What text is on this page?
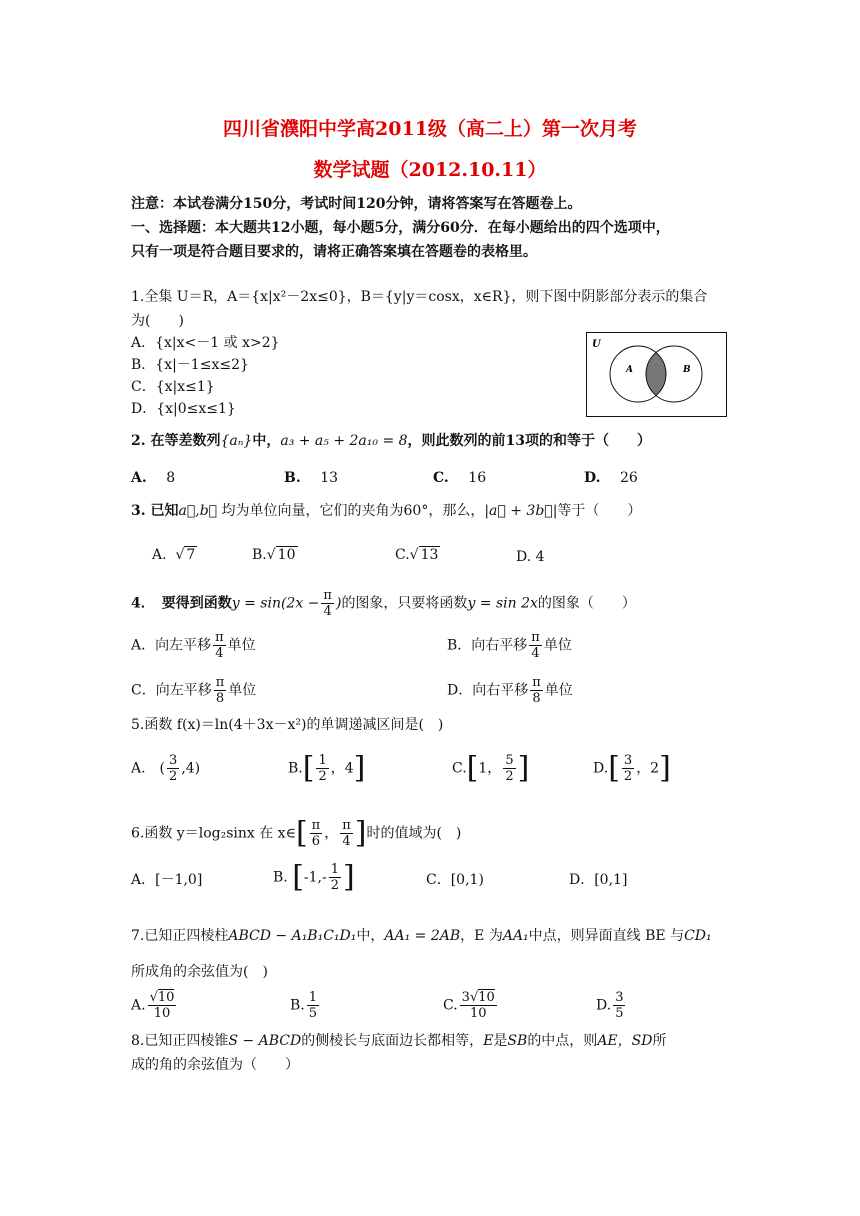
四川省濮阳中学高2011级（高二上）第一次月考
数学试题（2012.10.11）
注意：本试卷满分150分，考试时间120分钟，请将答案写在答题卷上。
一、选择题：本大题共12小题，每小题5分，满分60分．在每小题给出的四个选项中，
只有一项是符合题目要求的，请将正确答案填在答题卷的表格里。
1.全集 U＝R，A＝{x|x²－2x≤0}，B＝{y|y＝cosx，x∈R}，则下图中阴影部分表示的集合
为(　　)
A．{x|x<－1 或 x>2}
B．{x|－1≤x≤2}
C．{x|x≤1}
D．{x|0≤x≤1}
U
A	B
2. 在等差数列{aₙ}中，a₃ + a₅ + 2a₁₀ = 8，则此数列的前13项的和等于（　　）
A. 8	B. 13	C. 16	D. 26
3. 已知a⃗,b⃗ 均为单位向量，它们的夹角为60°，那么，|a⃗ + 3b⃗|等于（　　）
A. √ 7	B.√ 10	C.√ 13	D. 4
4．　要得到函数$y = \sin(2x - \frac{\pi}{4}$ )的图象，只要将函数y = sin 2x的图象（　　）
A．向左平移 $\frac{\pi}{4}$ 单位	B．向右平移 $\frac{\pi}{4}$ 单位
C．向左平移 $\frac{\pi}{8}$ 单位	D．向右平移 $\frac{\pi}{8}$ 单位
5.函数 f(x)＝ln(4＋3x－x²)的单调递减区间是(　)
A.　( $\frac{3}{2} ,4$)	$B.[ \frac{1}{2}$ ，4]	C.[1， $\frac{5}{2}$ ]	$D.[ \frac{3}{2}$ ，2]
6.函数 y＝log₂sinx 在 x∈[ $\frac{\pi}{6}$ ， $\frac{\pi}{4}$ ]时的值域为(　)
A．[－1,0]	B. [$-1,- \frac{1}{2}$ ]	C．[0,1)	D．[0,1]
7.已知正四棱柱ABCD − A₁B₁C₁D₁中，AA₁ = 2AB，E 为AA₁中点，则异面直线 BE 与CD₁
所成角的余弦值为(　)
A. $\frac{√10}{10}$	B. $\frac{1}{5}$	C. $\frac{3√10}{10}$	D. $\frac{3}{5}$
8.已知正四棱锥S − ABCD的侧棱长与底面边长都相等，E是SB的中点，则AE，SD所
成的角的余弦值为（　　）
